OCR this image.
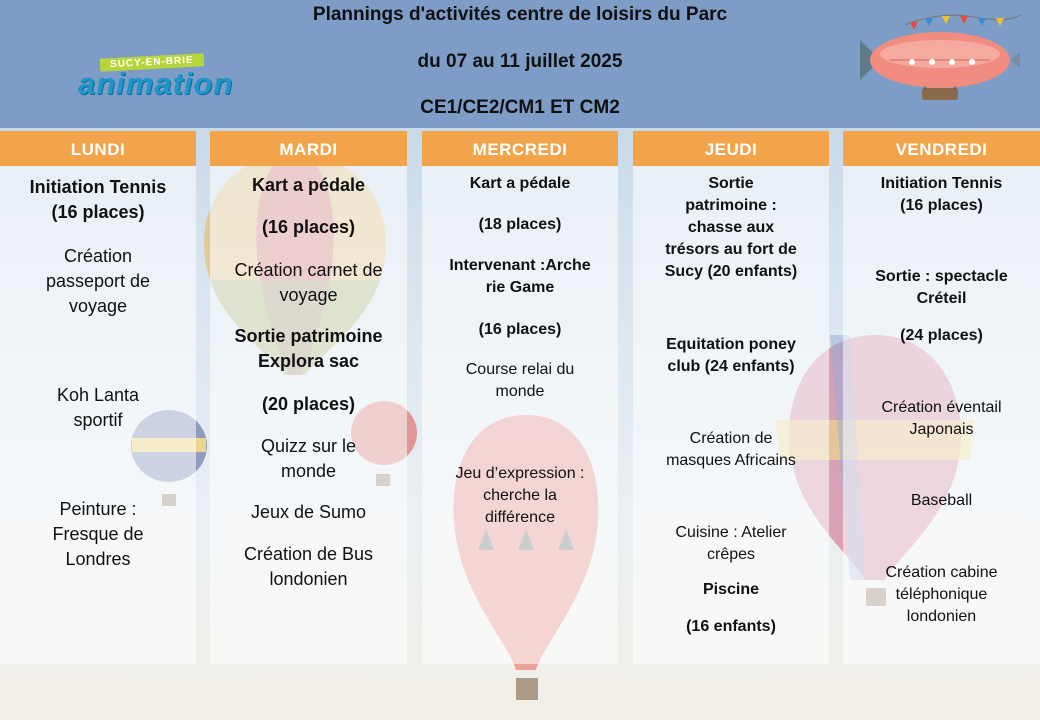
Plannings d'activités centre de loisirs du Parc
du 07 au 11 juillet 2025
CE1/CE2/CM1 ET CM2
SUCY-EN-BRIE
animation
LUNDI
Initiation Tennis
(16 places)
Création
passeport de
voyage
Koh Lanta
sportif
Peinture :
Fresque de
Londres
MARDI
Kart a pédale
(16 places)
Création carnet de
voyage
Sortie patrimoine
Explora sac
(20 places)
Quizz sur le
monde
Jeux de Sumo
Création de Bus
londonien
MERCREDI
Kart a pédale
(18 places)
Intervenant :Arche
rie Game
(16 places)
Course relai du
monde
Jeu d’expression :
cherche la
différence
JEUDI
Sortie
patrimoine :
chasse aux
trésors au fort de
Sucy (20 enfants)
Equitation poney
club (24 enfants)
Création de
masques Africains
Cuisine : Atelier
crêpes
Piscine
(16 enfants)
VENDREDI
Initiation Tennis
(16 places)
Sortie : spectacle
Créteil
(24 places)
Création éventail
Japonais
Baseball
Création cabine
téléphonique
londonien
